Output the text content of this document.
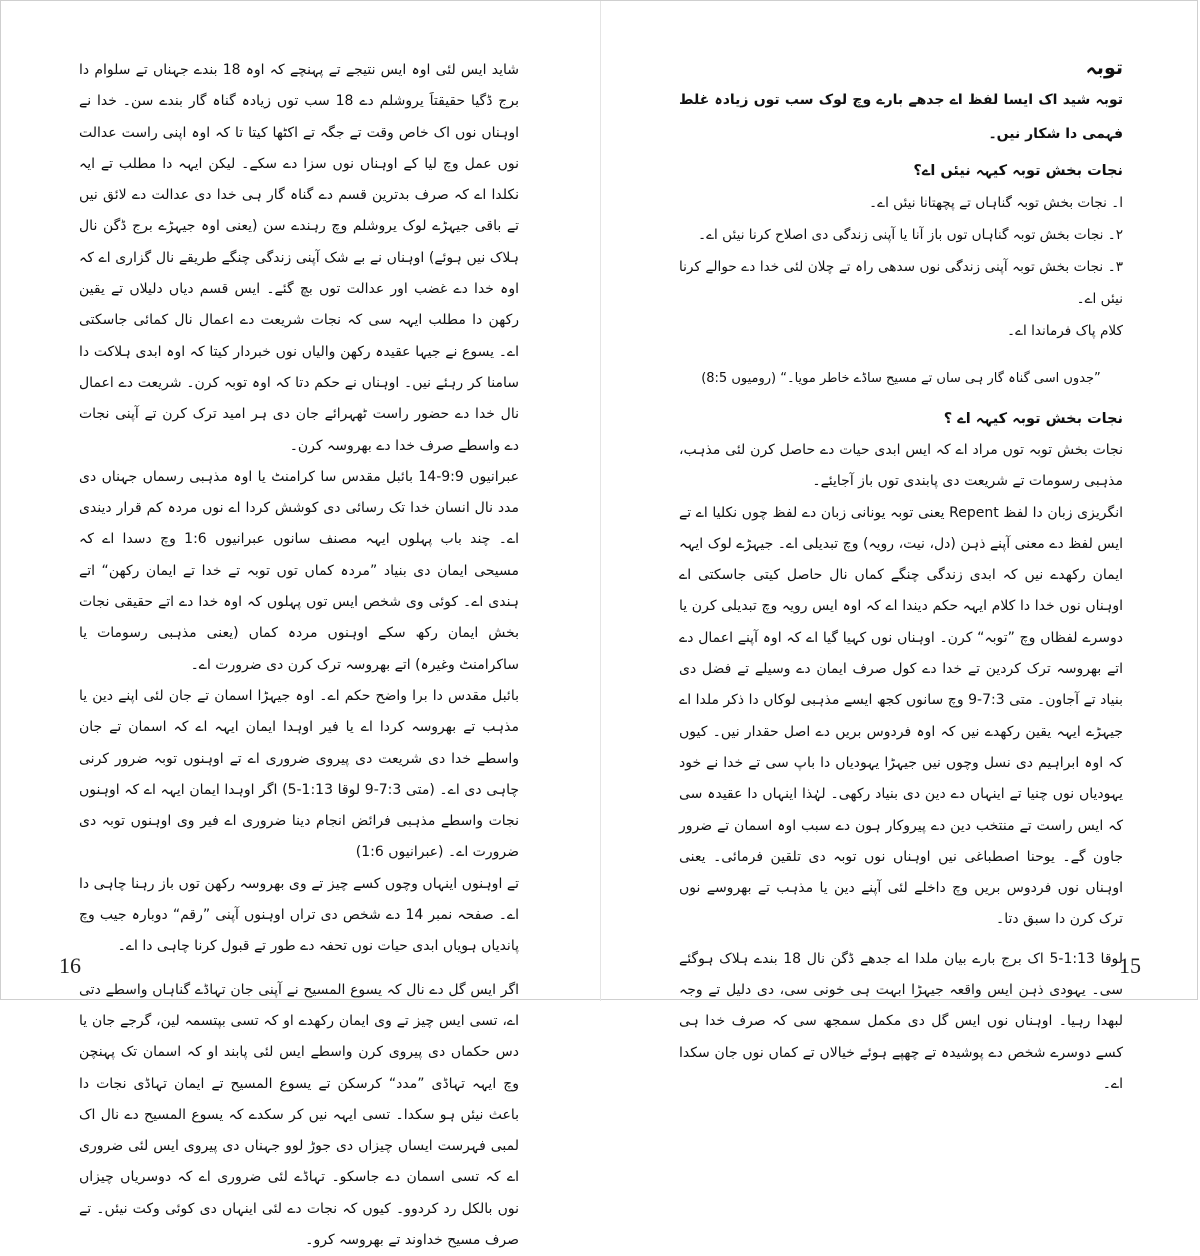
شاید ایس لئی اوہ ایس نتیجے تے پہنچے کہ اوہ 18 بندے جہناں تے سلوام دا برج ڈگیا حقیقتاََ یروشلم دے 18 سب توں زیادہ گناہ گار بندے سن۔ خدا نے اوہناں نوں اک خاص وقت تے جگہ تے اکٹھا کیتا تا کہ اوہ اپنی راست عدالت نوں عمل وچ لیا کے اوہناں نوں سزا دے سکے۔ لیکن ایہہ دا مطلب تے ایہ نکلدا اے کہ صرف بدترین قسم دے گناہ گار ہی خدا دی عدالت دے لائق نیں تے باقی جیہڑے لوک یروشلم وچ رہندے سن (یعنی اوہ جیہڑے برج ڈگن نال ہلاک نیں ہوئے) اوہناں نے بے شک آپنی زندگی چنگے طریقے نال گزاری اے کہ اوہ خدا دے غضب اور عدالت توں بچ گئے۔ ایس قسم دیاں دلیلاں تے یقین رکھن دا مطلب ایہہ سی کہ نجات شریعت دے اعمال نال کمائی جاسکتی اے۔ یسوع نے جیہا عقیدہ رکھن والیاں نوں خبردار کیتا کہ اوہ ابدی ہلاکت دا سامنا کر رہئے نیں۔ اوہناں نے حکم دتا کہ اوہ توبہ کرن۔ شریعت دے اعمال نال خدا دے حضور راست ٹھہرائے جان دی ہر امید ترک کرن تے آپنی نجات دے واسطے صرف خدا دے بھروسہ کرن۔

عبرانیوں 9:9-14 بائبل مقدس سا کرامنٹ یا اوہ مذہبی رسماں جہناں دی مدد نال انسان خدا تک رسائی دی کوشش کردا اے نوں مردہ کم قرار دیندی اے۔ چند باب پہلوں ایہہ مصنف سانوں عبرانیوں 1:6 وچ دسدا اے کہ مسیحی ایمان دی بنیاد ”مردہ کماں توں توبہ تے خدا تے ایمان رکھن“ اتے ہندی اے۔ کوئی وی شخص ایس توں پہلوں کہ اوہ خدا دے اتے حقیقی نجات بخش ایمان رکھ سکے اوہنوں مردہ کماں (یعنی مذہبی رسومات یا ساکرامنٹ وغیرہ) اتے بھروسہ ترک کرن دی ضرورت اے۔

بائبل مقدس دا برا واضح حکم اے۔ اوہ جیہڑا اسمان تے جان لئی اپنے دین یا مذہب تے بھروسہ کردا اے یا فیر اوہدا ایمان ایہہ اے کہ اسمان تے جان واسطے خدا دی شریعت دی پیروی ضروری اے تے اوہنوں توبہ ضرور کرنی چاہی دی اے۔ (متی 7:3-9 لوقا 1:13-5) اگر اوہدا ایمان ایہہ اے کہ اوہنوں نجات واسطے مذہبی فرائض انجام دینا ضروری اے فیر وی اوہنوں توبہ دی ضرورت اے۔ (عبرانیوں 1:6)

تے اوہنوں اینہاں وچوں کسے چیز تے وی بھروسہ رکھن توں باز رہنا چاہی دا اے۔ صفحہ نمبر 14 دے شخص دی تراں اوہنوں آپنی ”رقم“ دوبارہ جیب وچ پاندیاں ہویاں ابدی حیات نوں تحفہ دے طور تے قبول کرنا چاہی دا اے۔

اگر ایس گل دے نال کہ یسوع المسیح نے آپنی جان تہاڈے گناہاں واسطے دتی اے، تسی ایس چیز تے وی ایمان رکھدے او کہ تسی بپتسمہ لین، گرجے جان یا دس حکماں دی پیروی کرن واسطے ایس لئی پابند او کہ اسمان تک پہنچن وچ ایہہ تہاڈی ”مدد“ کرسکن تے یسوع المسیح تے ایمان تہاڈی نجات دا باعث نیئں ہو سکدا۔ تسی ایہہ نیں کر سکدے کہ یسوع المسیح دے نال اک لمبی فہرست ایساں چیزاں دی جوڑ لوو جہناں دی پیروی ایس لئی ضروری اے کہ تسی اسمان دے جاسکو۔ تہاڈے لئی ضروری اے کہ دوسریاں چیزاں نوں بالکل رد کردوو۔ کیوں کہ نجات دے لئی اینہاں دی کوئی وکت نیئں۔ تے صرف مسیح خداوند تے بھروسہ کرو۔

16
توبہ

توبہ شید اک ایسا لفظ اے جدھے بارے وچ لوک سب توں زیادہ غلط فہمی دا شکار نیں۔

نجات بخش توبہ کیہہ نیئں اے؟

ا۔ نجات بخش توبہ گناہاں تے پچھتانا نیئں اے۔

۲۔ نجات بخش توبہ گناہاں توں باز آنا یا آپنی زندگی دی اصلاح کرنا نیئں اے۔

۳۔ نجات بخش توبہ آپنی زندگی نوں سدھی راہ تے چلان لئی خدا دے حوالے کرنا نیئں اے۔

کلام پاک فرماندا اے۔

”جدوں اسی گناہ گار ہی ساں تے مسیح ساڈے خاطر مویا۔“ (رومیوں 8:5)

نجات بخش توبہ کیہہ اے ؟

نجات بخش توبہ توں مراد اے کہ ایس ابدی حیات دے حاصل کرن لئی مذہب، مذہبی رسومات تے شریعت دی پابندی توں باز آجایئے۔

انگریزی زبان دا لفظ Repent یعنی توبہ یونانی زبان دے لفظ چوں نکلیا اے تے ایس لفظ دے معنی آپنے ذہن (دل، نیت، رویہ) وچ تبدیلی اے۔ جیہڑے لوک ایہہ ایمان رکھدے نیں کہ ابدی زندگی چنگے کماں نال حاصل کیتی جاسکتی اے اوہناں نوں خدا دا کلام ایہہ حکم دیندا اے کہ اوہ ایس رویہ وچ تبدیلی کرن یا دوسرے لفظاں وچ ”توبہ“ کرن۔ اوہناں نوں کہیا گیا اے کہ اوہ آپنے اعمال دے اتے بھروسہ ترک کردین تے خدا دے کول صرف ایمان دے وسیلے تے فضل دی بنیاد تے آجاون۔ متی 7:3-9 وچ سانوں کجھ ایسے مذہبی لوکاں دا ذکر ملدا اے جیہڑے ایہہ یقین رکھدے نیں کہ اوہ فردوس بریں دے اصل حقدار نیں۔ کیوں کہ اوہ ابراہیم دی نسل وچوں نیں جیہڑا یہودیاں دا باپ سی تے خدا نے خود یہودیاں نوں چنیا تے اینہاں دے دین دی بنیاد رکھی۔ لہٰذا اینہاں دا عقیدہ سی کہ ایس راست تے منتخب دین دے پیروکار ہون دے سبب اوہ اسمان تے ضرور جاون گے۔ یوحنا اصطباغی نیں اوہناں نوں توبہ دی تلقین فرمائی۔ یعنی اوہناں نوں فردوس بریں وچ داخلے لئی آپنے دین یا مذہب تے بھروسے نوں ترک کرن دا سبق دتا۔

لوقا 1:13-5 اک برج بارے بیان ملدا اے جدھے ڈگن نال 18 بندے ہلاک ہوگئے سی۔ یہودی ذہن ایس واقعہ جیہڑا ابہت ہی خونی سی، دی دلیل تے وجہ لبھدا رہیا۔ اوہناں نوں ایس گل دی مکمل سمجھ سی کہ صرف خدا ہی کسے دوسرے شخص دے پوشیدہ تے چھپے ہوئے خیالاں تے کماں نوں جان سکدا اے۔

15
